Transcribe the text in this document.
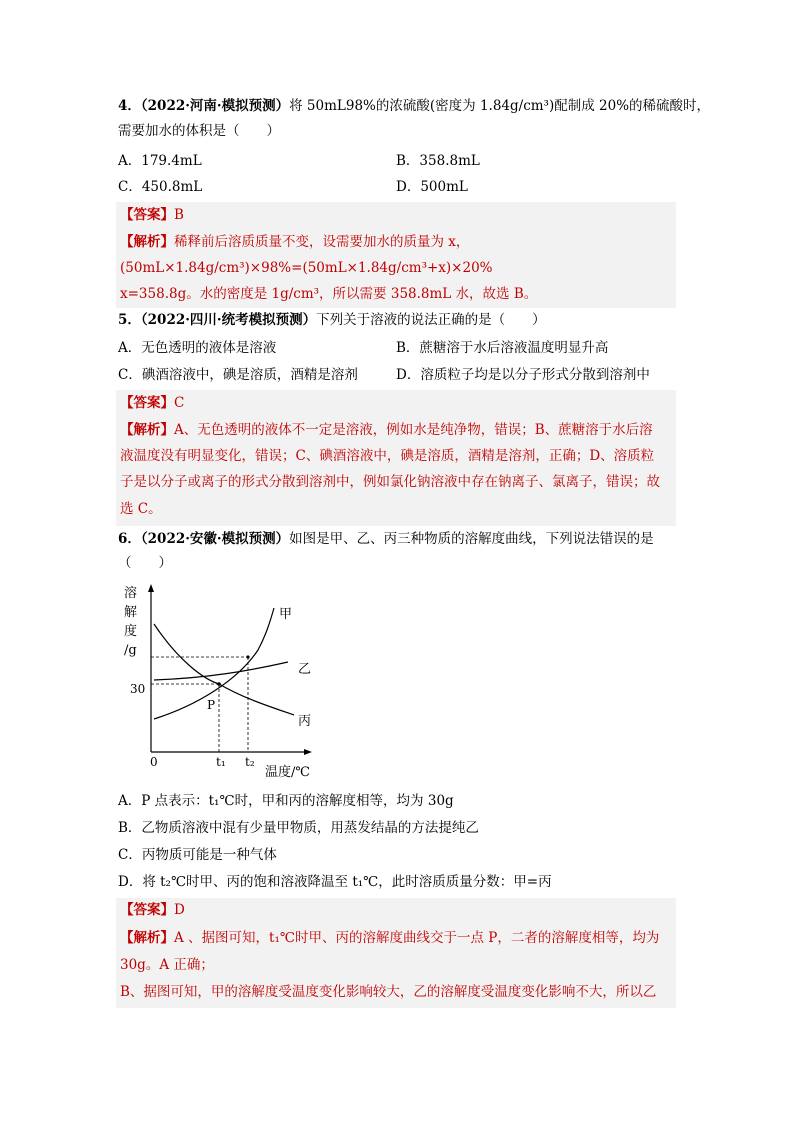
4．（2022·河南·模拟预测）将 50mL98%的浓硫酸(密度为 1.84g/cm³)配制成 20%的稀硫酸时，
需要加水的体积是（　　）
A．179.4mL	B．358.8mL
C．450.8mL	D．500mL
【答案】B
【解析】稀释前后溶质质量不变，设需要加水的质量为 x，
(50mL×1.84g/cm³)×98%=(50mL×1.84g/cm³+x)×20%
x=358.8g。水的密度是 1g/cm³，所以需要 358.8mL 水，故选 B。
5．（2022·四川·统考模拟预测）下列关于溶液的说法正确的是（　　）
A．无色透明的液体是溶液	B．蔗糖溶于水后溶液温度明显升高
C．碘酒溶液中，碘是溶质，酒精是溶剂	D．溶质粒子均是以分子形式分散到溶剂中
【答案】C
【解析】A、无色透明的液体不一定是溶液，例如水是纯净物，错误；B、蔗糖溶于水后溶
液温度没有明显变化，错误；C、碘酒溶液中，碘是溶质，酒精是溶剂，正确；D、溶质粒
子是以分子或离子的形式分散到溶剂中，例如氯化钠溶液中存在钠离子、氯离子，错误；故
选 C。
6．（2022·安徽·模拟预测）如图是甲、乙、丙三种物质的溶解度曲线，下列说法错误的是
（　　）
溶
解
度
/g
0
30
t₁ t₂
温度/℃
P
甲
乙
丙
A．P 点表示：t₁℃时，甲和丙的溶解度相等，均为 30g
B．乙物质溶液中混有少量甲物质，用蒸发结晶的方法提纯乙
C．丙物质可能是一种气体
D．将 t₂℃时甲、丙的饱和溶液降温至 t₁℃，此时溶质质量分数：甲=丙
【答案】D
【解析】A 、据图可知，t₁℃时甲、丙的溶解度曲线交于一点 P，二者的溶解度相等，均为
30g。A 正确；
B、据图可知，甲的溶解度受温度变化影响较大，乙的溶解度受温度变化影响不大，所以乙
